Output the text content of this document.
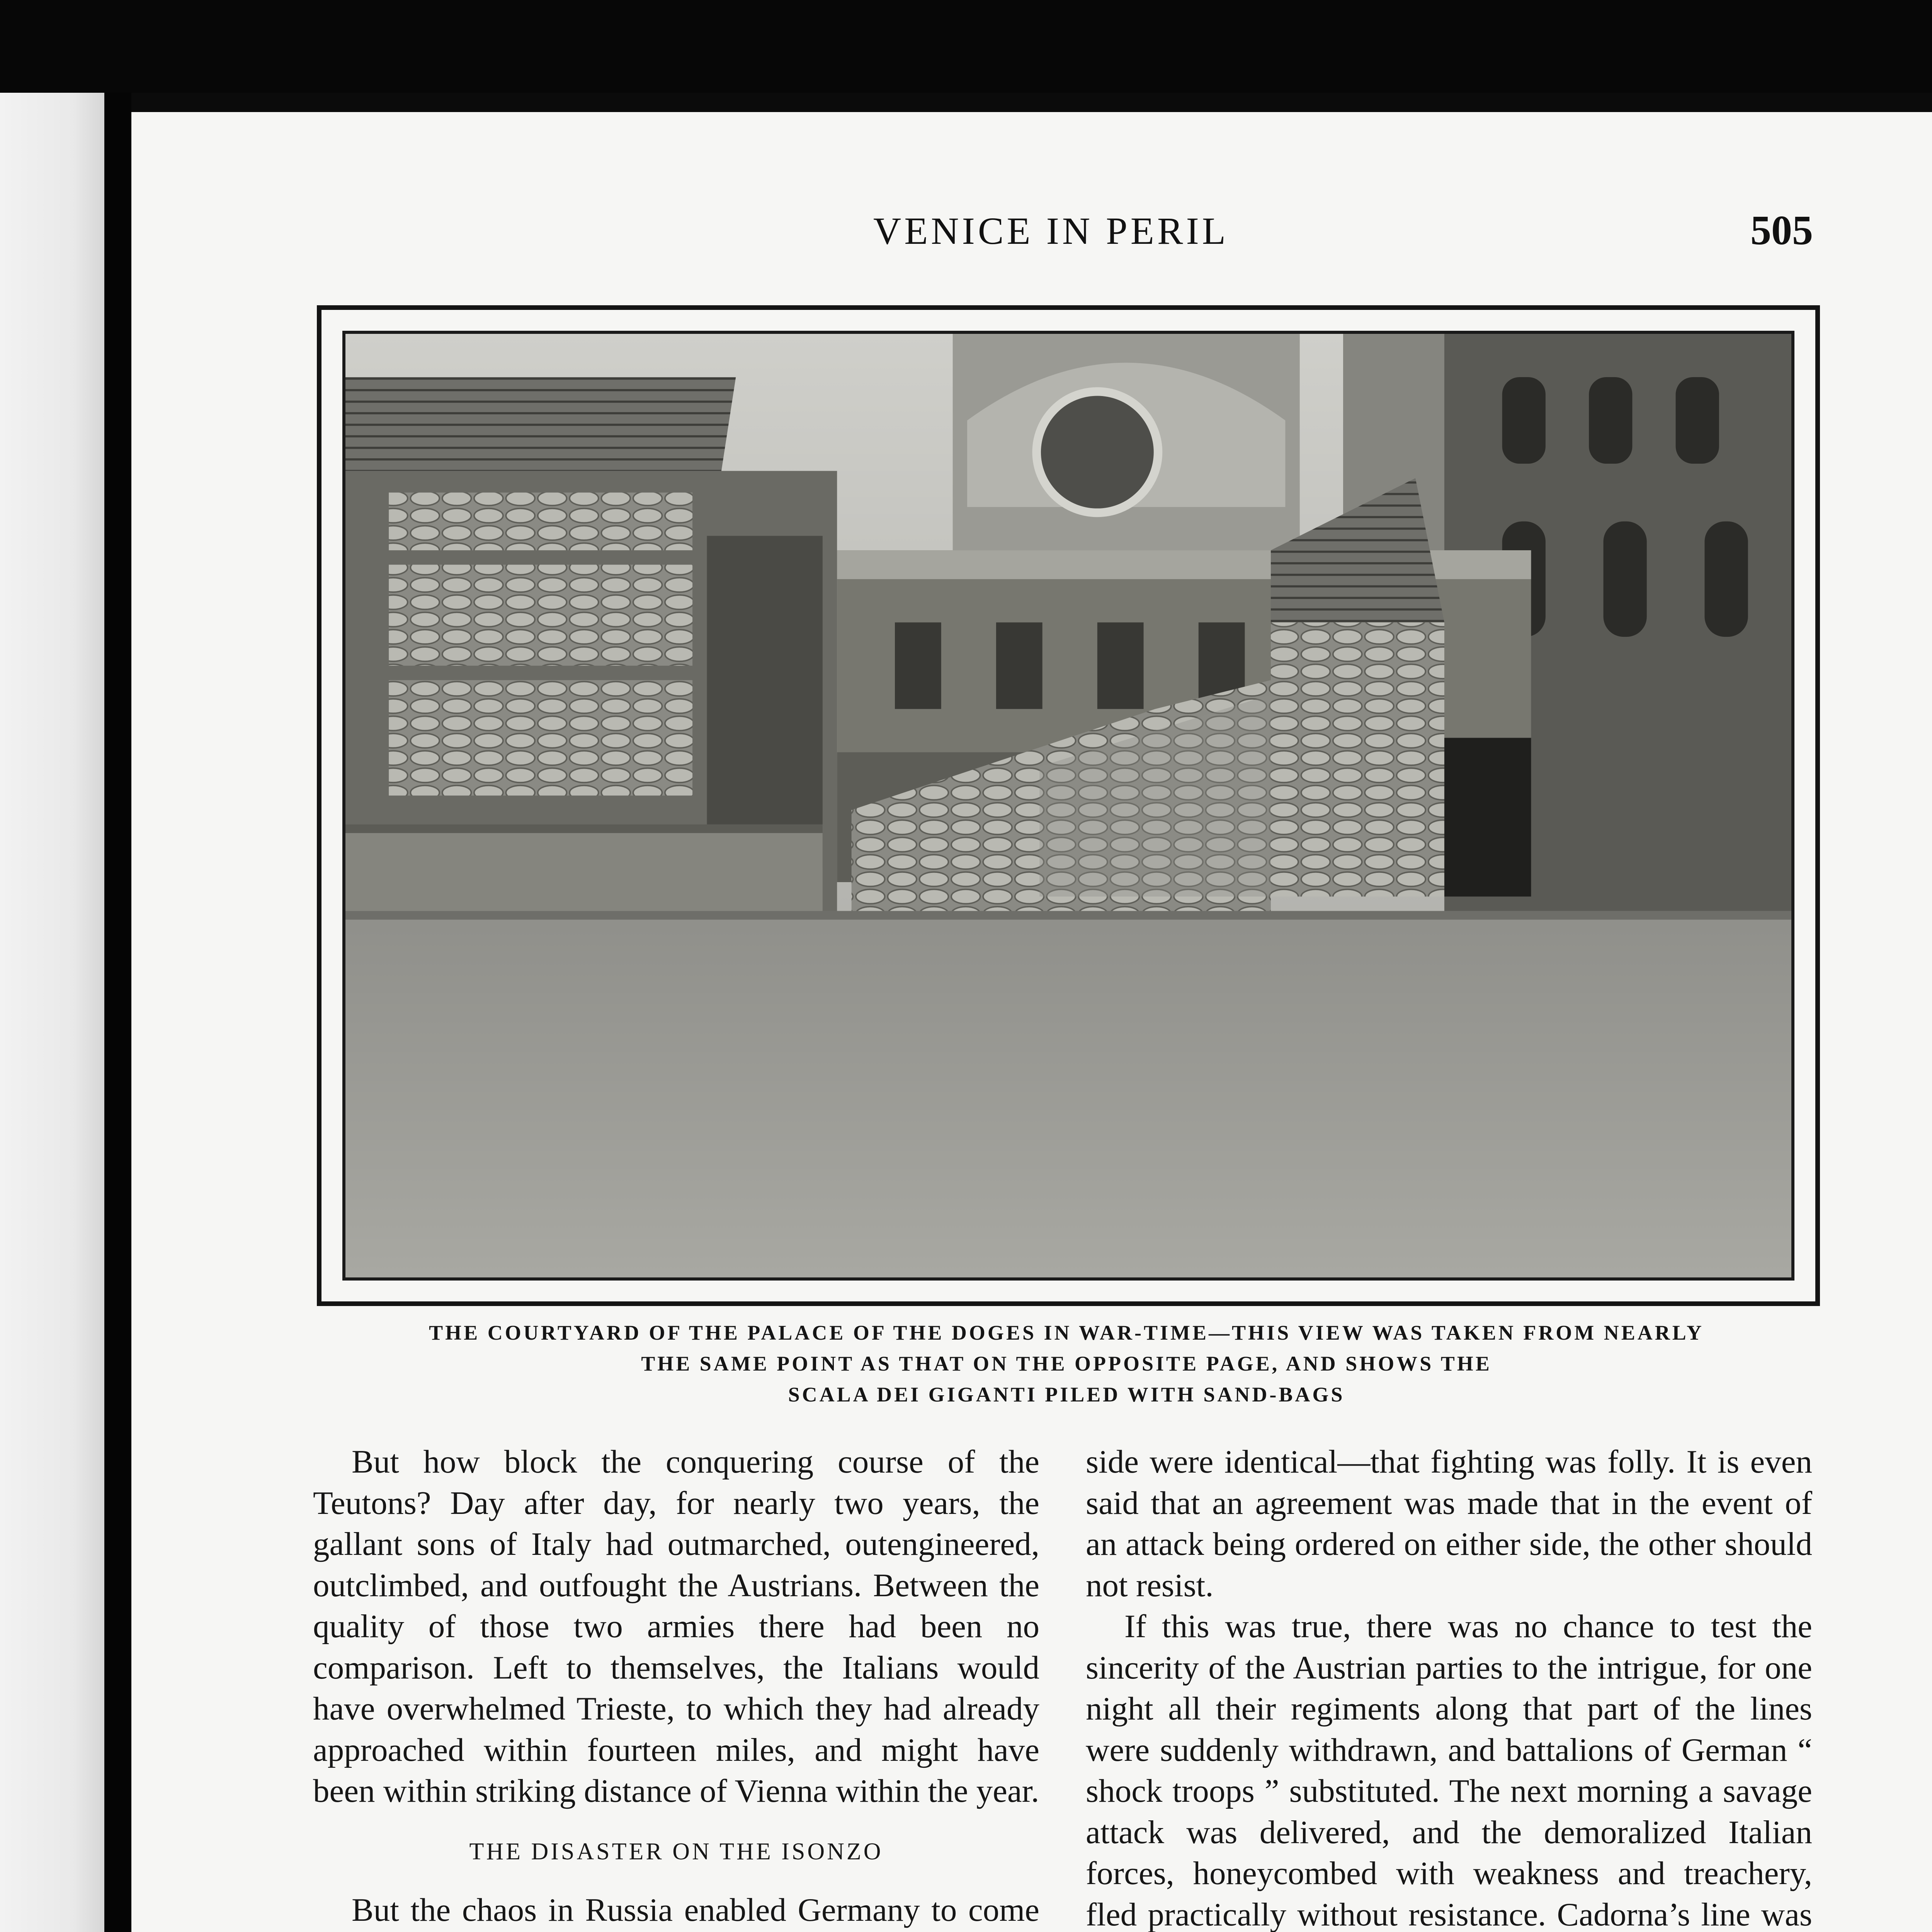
VENICE IN PERIL	505
THE COURTYARD OF THE PALACE OF THE DOGES IN WAR-TIME—THIS VIEW WAS TAKEN FROM NEARLY
THE SAME POINT AS THAT ON THE OPPOSITE PAGE, AND SHOWS THE
SCALA DEI GIGANTI PILED WITH SAND-BAGS

But how block the conquering course of the Teutons? Day after day, for nearly two years, the gallant sons of Italy had outmarched, outengineered, outclimbed, and outfought the Austrians. Between the quality of those two armies there had been no comparison. Left to themselves, the Italians would have overwhelmed Trieste, to which they had already approached within fourteen miles, and might have been within striking distance of Vienna within the year.

THE DISASTER ON THE ISONZO

But the chaos in Russia enabled Germany to come

side were identical—that fighting was folly. It is even said that an agreement was made that in the event of an attack being ordered on either side, the other should not resist.

If this was true, there was no chance to test the sincerity of the Austrian parties to the intrigue, for one night all their regiments along that part of the lines were suddenly withdrawn, and battalions of German “ shock troops ” substituted. The next morning a savage attack was delivered, and the demoralized Italian forces, honeycombed with weakness and treachery, fled practically without resistance. Cadorna’s line was
